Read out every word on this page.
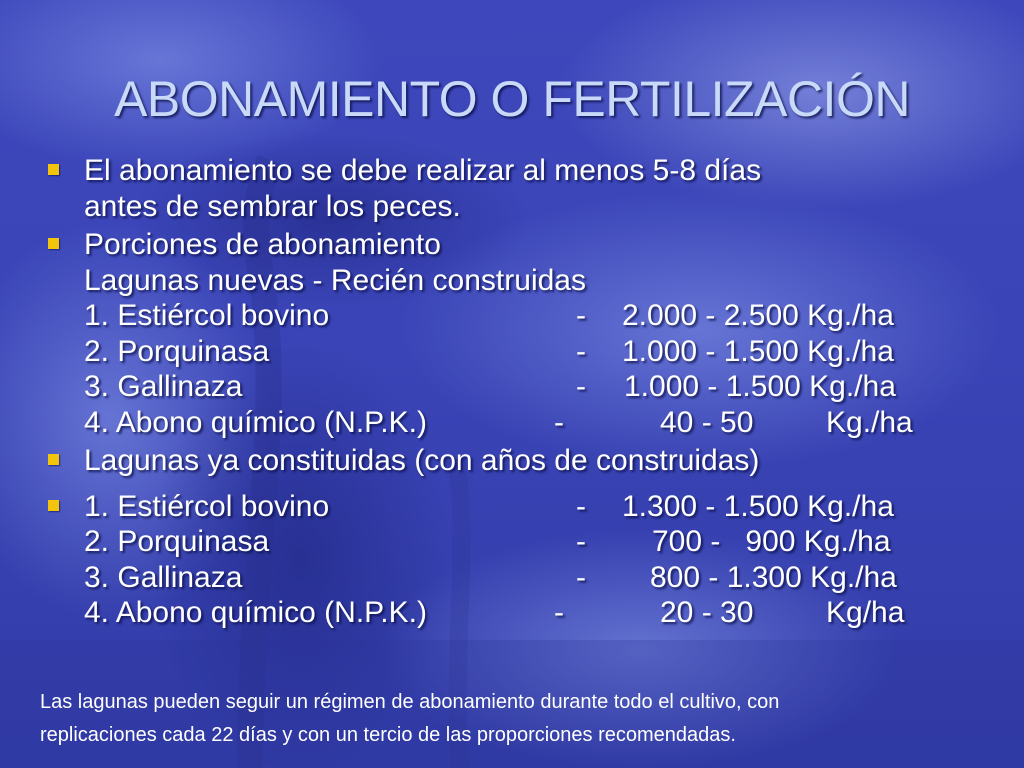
ABONAMIENTO O FERTILIZACIÓN
El abonamiento se debe realizar al menos 5-8 días
antes de sembrar los peces.
Porciones de abonamiento
Lagunas nuevas - Recién construidas
1. Estiércol bovino	- 2.000 - 2.500 Kg./ha
2. Porquinasa	- 1.000 - 1.500 Kg./ha
3. Gallinaza	- 1.000 - 1.500 Kg./ha
4. Abono químico (N.P.K.)	-	40 - 50 Kg./ha
Lagunas ya constituidas (con años de construidas)
1. Estiércol bovino	- 1.300 - 1.500 Kg./ha
2. Porquinasa	- 700 -   900 Kg./ha
3. Gallinaza	- 800 - 1.300 Kg./ha
4. Abono químico (N.P.K.)	-	20 - 30 Kg/ha
Las lagunas pueden seguir un régimen de abonamiento durante todo el cultivo, con
replicaciones cada 22 días y con un tercio de las proporciones recomendadas.
